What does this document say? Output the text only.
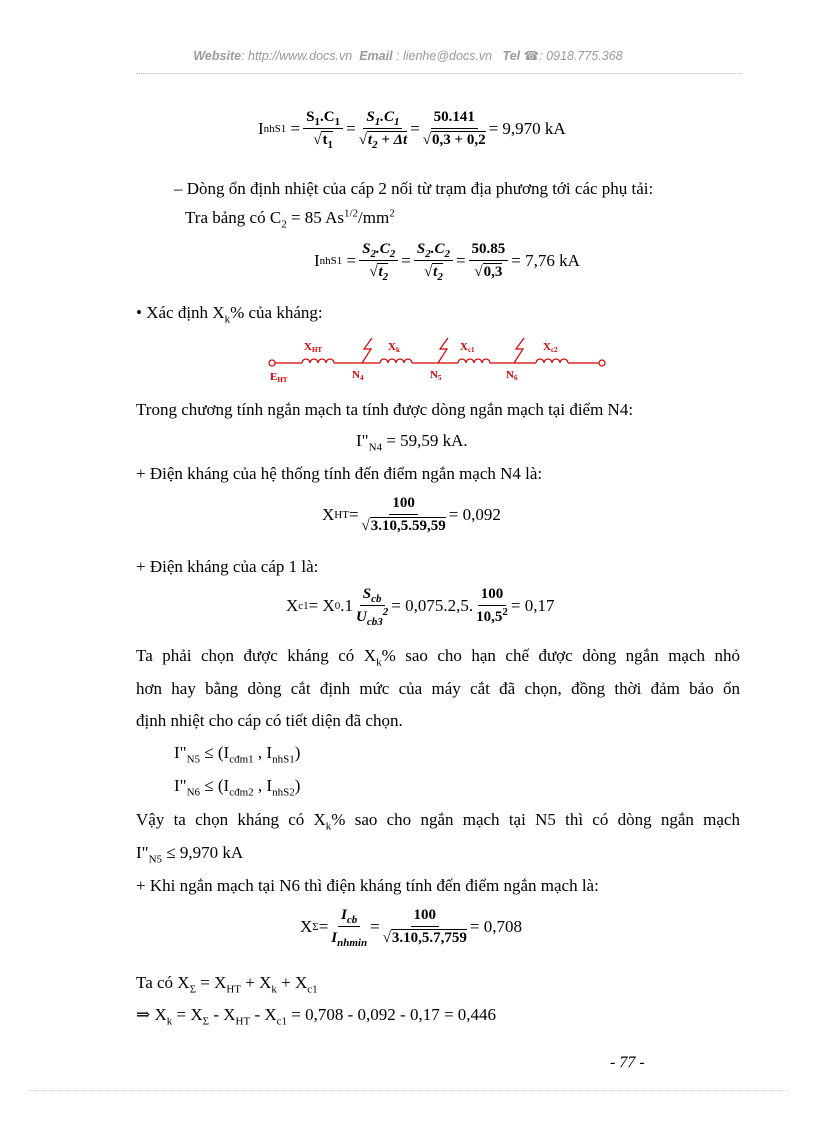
Website: http://www.docs.vn Email : lienhe@docs.vn Tel ☎: 0918.775.368
I $nhS1 = \frac{S_1.C_1}{√t_1} = \frac{S_1.C_1}{√t_2 + \Delta t} = \frac{50.141}{√0,3 + 0,2} = 9,970$ kA
– Dòng ổn định nhiệt của cáp 2 nối từ trạm địa phương tới các phụ tải:
Tra bảng có $C_2 = 85$ $As^{1/2}/mm^2$
I $nhS1 = \frac{S_2.C_2}{√t_2} = \frac{S_2.C_2}{√t_2} = \frac{50.85}{√0,3} = 7,76$ kA
• Xác định $X_k\%$ của kháng:
XHT	Xk	Xc1	Xc2
EHT	N4	N5	N6
Trong chương tính ngắn mạch ta tính được dòng ngắn mạch tại điểm N4:
$I"_{N4} = 59,59$ kA.
+ Điện kháng của hệ thống tính đến điểm ngắn mạch N4 là:
X HT = $\frac{100}{√3.10,5.59,59} = 0,092$
+ Điện kháng của cáp 1 là:
X c1 = X 0 $.1 \frac{S_{cb}}{U_{cb3}^2} = 0,075.2,5$. $\frac{100}{10,5^2} = 0,17$
Ta phải chọn được kháng có $X_k\%$ sao cho hạn chế được dòng ngắn mạch nhỏ
hơn hay bằng dòng cắt định mức của máy cắt đã chọn, đồng thời đảm bảo ổn
định nhiệt cho cáp có tiết diện đã chọn.
$I"_{N5} \le (I_{cđm1}$ , $I_{nhS1}$)
$I"_{N6} \le (I_{cđm2}$ , $I_{nhS2}$)
Vậy ta chọn kháng có $X_k\%$ sao cho ngắn mạch tại N5 thì có dòng ngắn mạch
$I"_{N5} \le 9,970$ kA
+ Khi ngắn mạch tại N6 thì điện kháng tính đến điểm ngắn mạch là:
X $\Sigma = \frac{I_{cb}}{I_{nhmin}} = \frac{100}{√3.10,5.7,759} = 0,708$
Ta có $X_\Sigma = X_{HT} + X_k + X_{c1}$
⇒ $X_k = X_\Sigma - X_{HT} - X_{c1} = 0,708 - 0,092 - 0,17 = 0,446$
- 77 -
